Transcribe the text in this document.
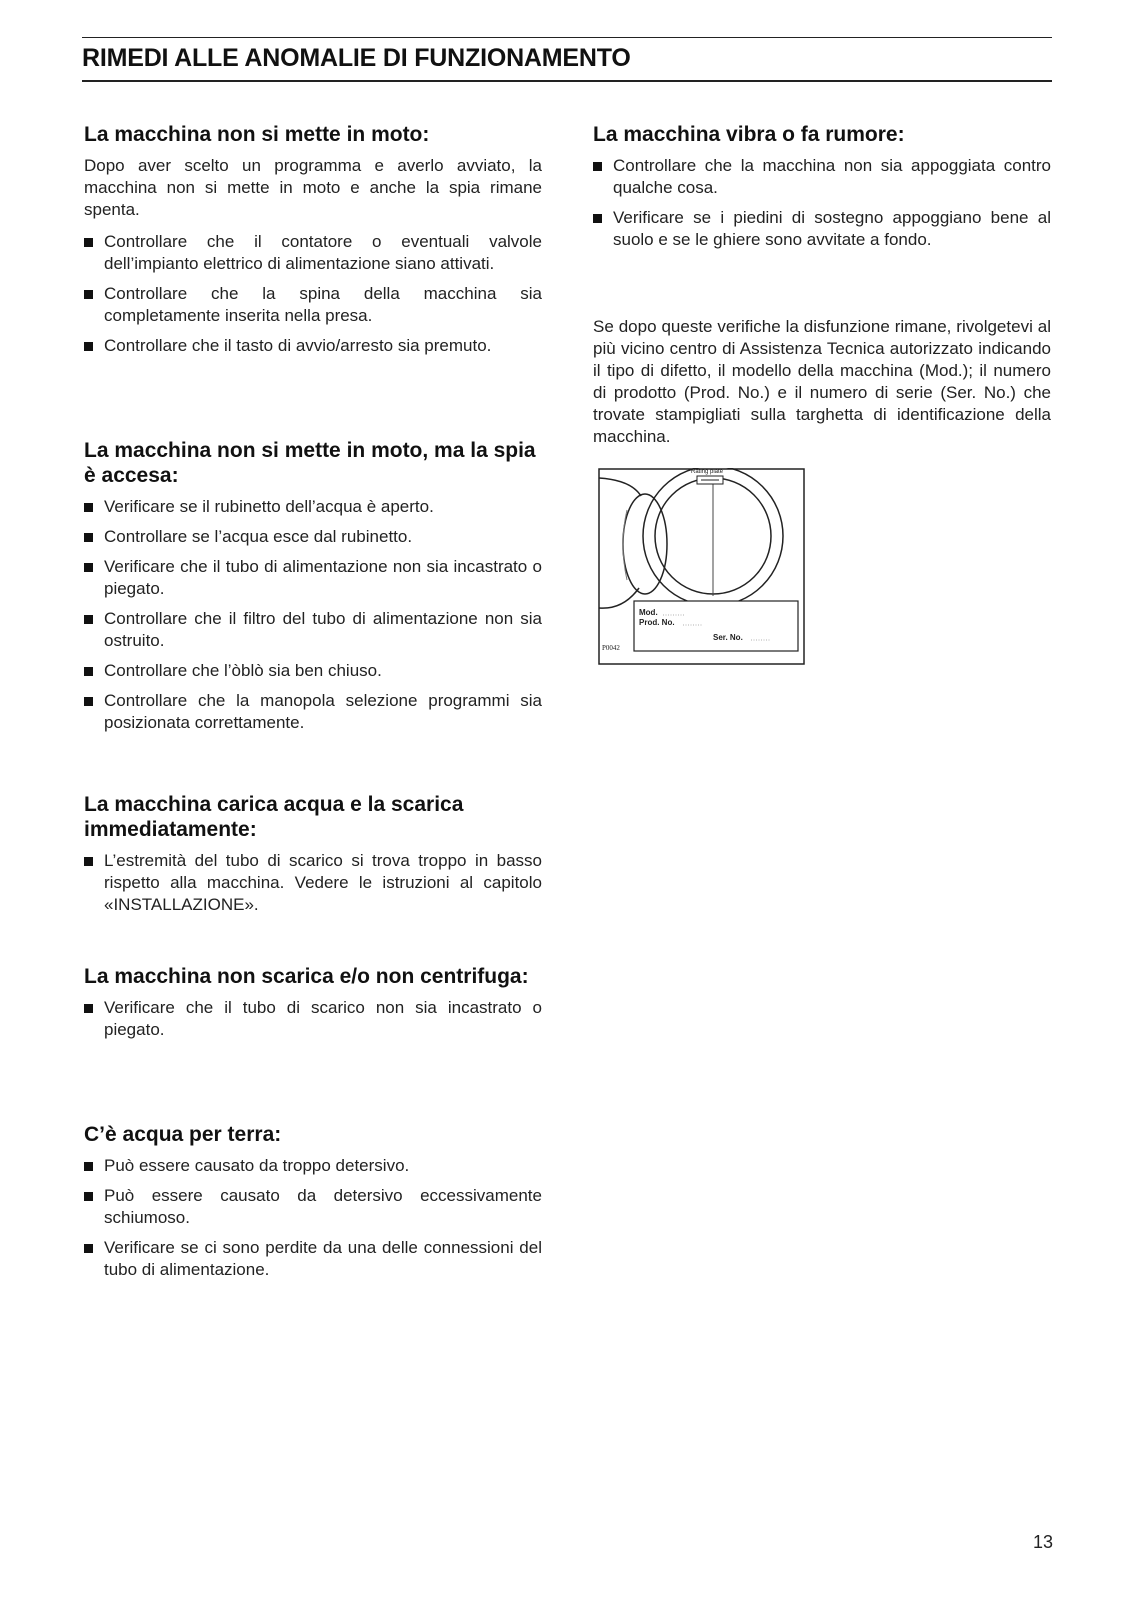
RIMEDI ALLE ANOMALIE DI FUNZIONAMENTO
La macchina non si mette in moto:

Dopo aver scelto un programma e averlo avviato, la macchina non si mette in moto e anche la spia rimane spenta.

Controllare che il contatore o eventuali valvole dell’impianto elettrico di alimentazione siano attivati.
Controllare che la spina della macchina sia completamente inserita nella presa.
Controllare che il tasto di avvio/arresto sia premuto.
La macchina non si mette in moto, ma la spia è accesa:
Verificare se il rubinetto dell’acqua è aperto.
Controllare se l’acqua esce dal rubinetto.
Verificare che il tubo di alimentazione non sia incastrato o piegato.
Controllare che il filtro del tubo di alimentazione non sia ostruito.
Controllare che l’òblò sia ben chiuso.
Controllare che la manopola selezione programmi sia posizionata correttamente.
La macchina carica acqua e la scarica immediatamente:
L’estremità del tubo di scarico si trova troppo in basso rispetto alla macchina. Vedere le istruzioni al capitolo «INSTALLAZIONE».
La macchina non scarica e/o non centrifuga:
Verificare che il tubo di scarico non sia incastrato o piegato.
C’è acqua per terra:
Può essere causato da troppo detersivo.
Può essere causato da detersivo eccessivamente schiumoso.
Verificare se ci sono perdite da una delle connessioni del tubo di alimentazione.
La macchina vibra o fa rumore:
Controllare che la macchina non sia appoggiata contro qualche cosa.
Verificare se i piedini di sostegno appoggiano bene al suolo e se le ghiere sono avvitate a fondo.

Se dopo queste verifiche la disfunzione rimane, rivolgetevi al più vicino centro di Assistenza Tecnica autorizzato indicando il tipo di difetto, il modello della macchina (Mod.); il numero di prodotto (Prod. No.) e il numero di serie (Ser. No.) che trovate stampigliati sulla targhetta di identificazione della macchina.

Rating plate
Mod.
Prod. No.
Ser. No.
P0042
13
